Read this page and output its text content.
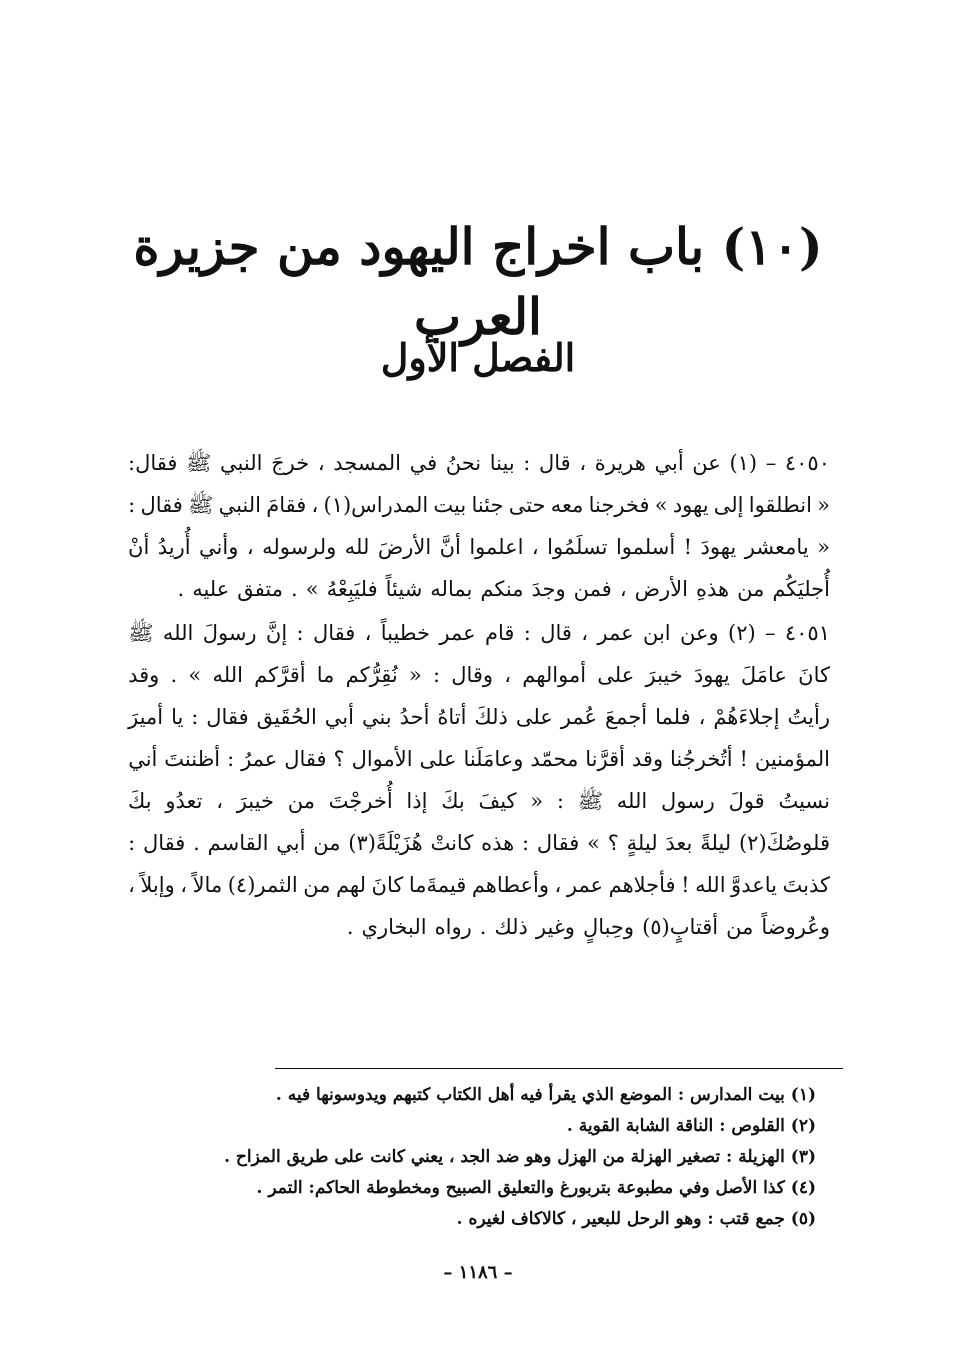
(١٠) باب اخراج اليهود من جزيرة العرب
الفصل الأول
٤٠٥٠
–
(١)
عن
أبي
هريرة
،
قال
:
بينا
نحنُ
في
المسجد
،
خرجَ
النبي
ﷺ
فقال:
«
انطلقوا
إلى
يهود
»
فخرجنا
معه
حتى
جئنا
بيت
المدراس(١)
،
فقامَ
النبي
ﷺ
فقال
:
«
يامعشر
يهودَ
!
أسلموا
تسلَمُوا
،
اعلموا
أنَّ
الأرضَ
لله
ولرسوله
،
وأني
أُريدُ
أنْ
أُجليَكُم
من
هذهِ
الأرض
،
فمن
وجدَ
منكم
بماله
شيئاً
فليَبِعْهُ
»
.
متفق
عليه
.
٤٠٥١
–
(٢)
وعن
ابن
عمر
،
قال
:
قام
عمر
خطيباً
،
فقال
:
إنَّ
رسولَ
الله
ﷺ
كانَ
عامَلَ
يهودَ
خيبرَ
على
أموالهم
،
وقال
:
«
نُقِرُّكم
ما
أقرَّكم
الله
»
.
وقد
رأيتُ
إجلاءَهُمْ
،
فلما
أجمعَ
عُمر
على
ذلكَ
أتاهُ
أحدُ
بني
أبي
الحُقَيق
فقال
:
يا
أميرَ
المؤمنين
!
أتُخرجُنا
وقد
أقرَّنا
محمّد
وعامَلَنا
على
الأموال
؟
فقال
عمرُ
:
أظننتَ
أني
نسيتُ
قولَ
رسول
الله
ﷺ
:
«
كيفَ
بكَ
إذا
أُخرجْتَ
من
خيبرَ
،
تعدُو
بكَ
قلوصُكَ(٢)
ليلةً
بعدَ
ليلةٍ
؟
»
فقال
:
هذه
كانتْ
هُزَيْلَةً(٣)
من
أبي
القاسم
.
فقال
:
كذبتَ
ياعدوَّ
الله
!
فأجلاهم
عمر
،
وأعطاهم
قيمةَما
كانَ
لهم
من
الثمر(٤)
مالاً
،
وإبلاً
،
وعُروضاً
من
أقتابٍ(٥)
وحِبالٍ
وغير
ذلك
.
رواه
البخاري
.
(١) بيت المدارس : الموضع الذي يقرأ فيه أهل الكتاب كتبهم ويدوسونها فيه .
(٢) القلوص : الناقة الشابة القوية .
(٣) الهزيلة : تصغير الهزلة من الهزل وهو ضد الجد ، يعني كانت على طريق المزاح .
(٤) كذا الأصل وفي مطبوعة بتربورغ والتعليق الصبيح ومخطوطة الحاكم: التمر .
(٥) جمع قتب : وهو الرحل للبعير ، كالاكاف لغيره .
– ١١٨٦ –
